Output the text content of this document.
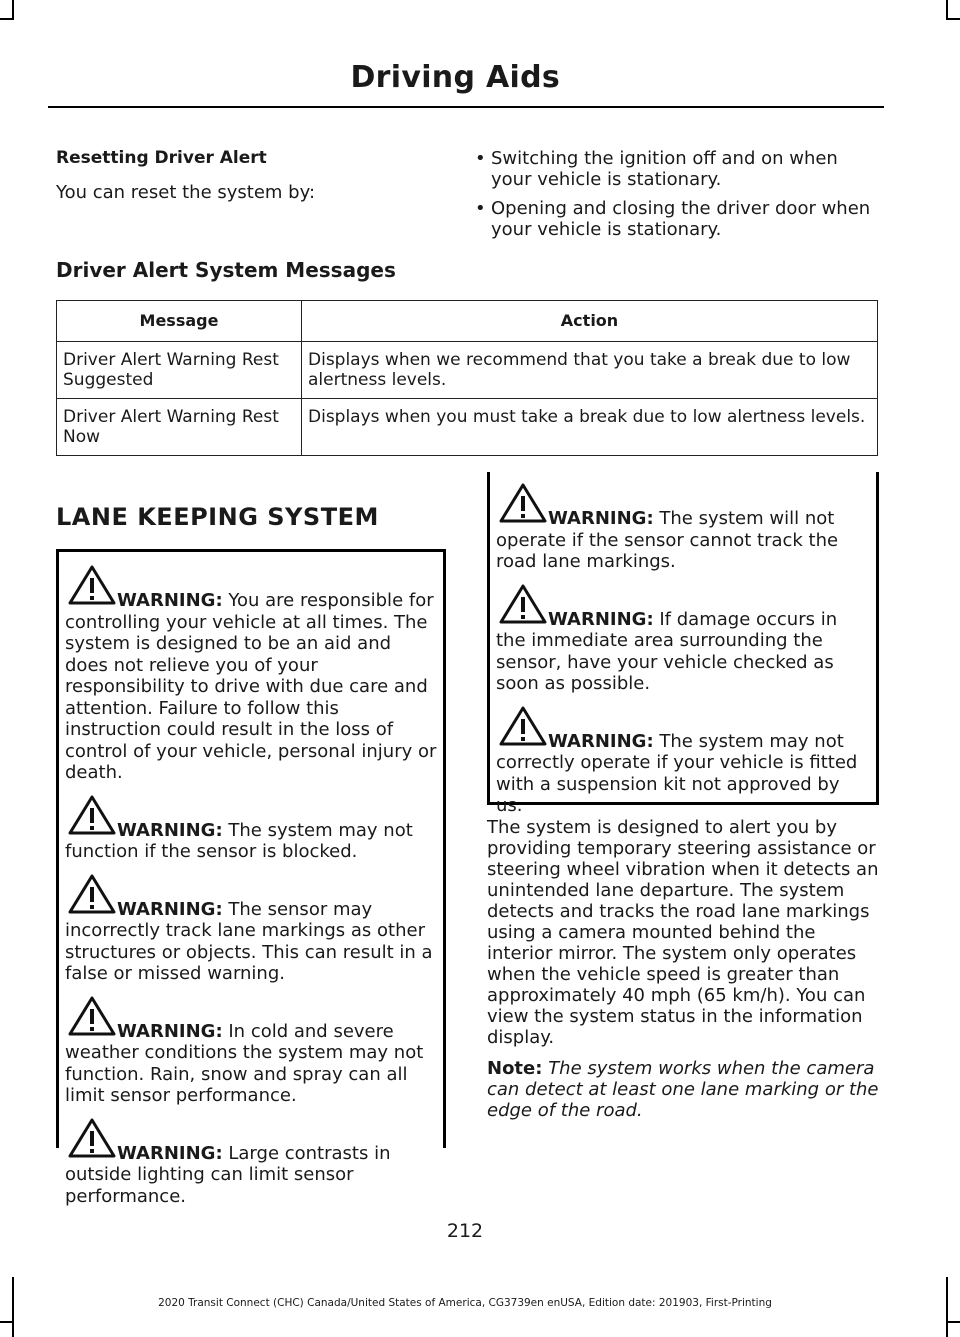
Driving Aids

Resetting Driver Alert

You can reset the system by:

• Switching the ignition off and on when your vehicle is stationary.
• Opening and closing the driver door when your vehicle is stationary.

Driver Alert System Messages

Message	Action
Driver Alert Warning Rest Suggested	Displays when we recommend that you take a break due to low alertness levels.
Driver Alert Warning Rest Now	Displays when you must take a break due to low alertness levels.

LANE KEEPING SYSTEM

WARNING: You are responsible for controlling your vehicle at all times. The system is designed to be an aid and does not relieve you of your responsibility to drive with due care and attention. Failure to follow this instruction could result in the loss of control of your vehicle, personal injury or death.
WARNING: The system may not function if the sensor is blocked.
WARNING: The sensor may incorrectly track lane markings as other structures or objects. This can result in a false or missed warning.
WARNING: In cold and severe weather conditions the system may not function. Rain, snow and spray can all limit sensor performance.
WARNING: Large contrasts in outside lighting can limit sensor performance.
WARNING: The system will not operate if the sensor cannot track the road lane markings.
WARNING: If damage occurs in the immediate area surrounding the sensor, have your vehicle checked as soon as possible.
WARNING: The system may not correctly operate if your vehicle is fitted with a suspension kit not approved by us.

The system is designed to alert you by providing temporary steering assistance or steering wheel vibration when it detects an unintended lane departure. The system detects and tracks the road lane markings using a camera mounted behind the interior mirror. The system only operates when the vehicle speed is greater than approximately 40 mph (65 km/h). You can view the system status in the information display.

Note: The system works when the camera can detect at least one lane marking or the edge of the road.

212
2020 Transit Connect (CHC) Canada/United States of America, CG3739en enUSA, Edition date: 201903, First-Printing
